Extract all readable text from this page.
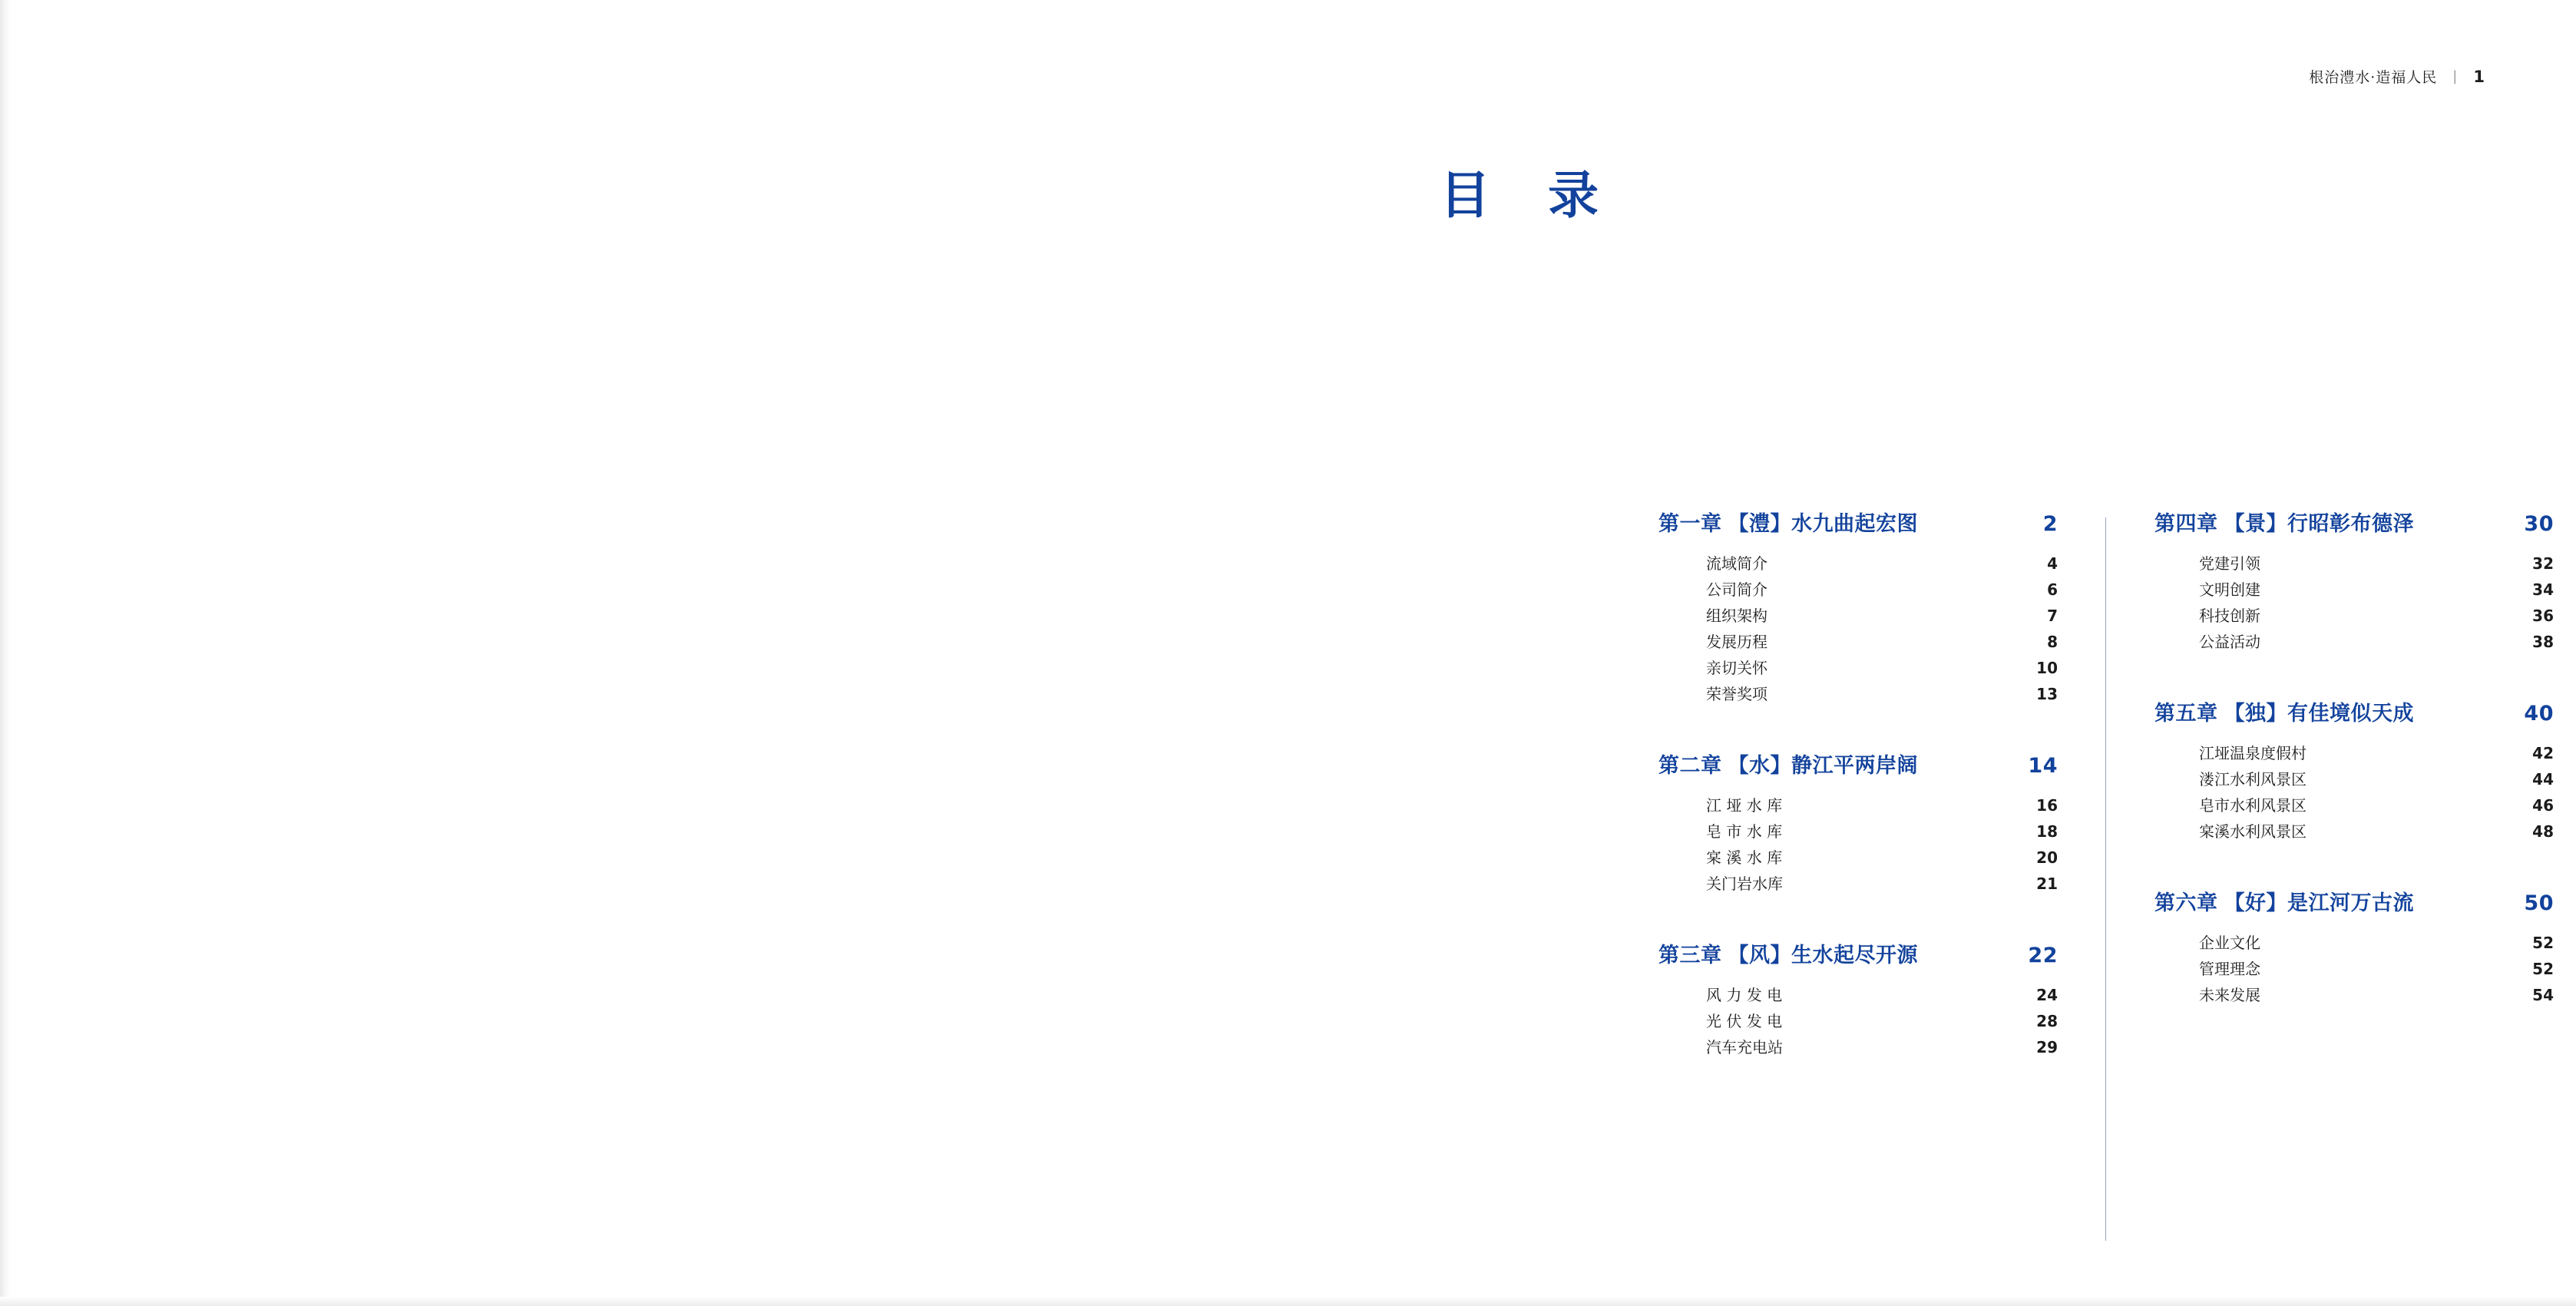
根治澧水·造福人民 | 1
目 录
第一章 【澧】水九曲起宏图	2
流域简介	4
公司简介	6
组织架构	7
发展历程	8
亲切关怀	10
荣誉奖项	13
第二章 【水】静江平两岸阔	14
江 垭 水 库	16
皂 市 水 库	18
宲 溪 水 库	20
关门岩水库	21
第三章 【风】生水起尽开源	22
风 力 发 电	24
光 伏 发 电	28
汽车充电站	29
第四章 【景】行昭彰布德泽	30
党建引领	32
文明创建	34
科技创新	36
公益活动	38
第五章 【独】有佳境似天成	40
江垭温泉度假村	42
溇江水利风景区	44
皂市水利风景区	46
宲溪水利风景区	48
第六章 【好】是江河万古流	50
企业文化	52
管理理念	52
未来发展	54
